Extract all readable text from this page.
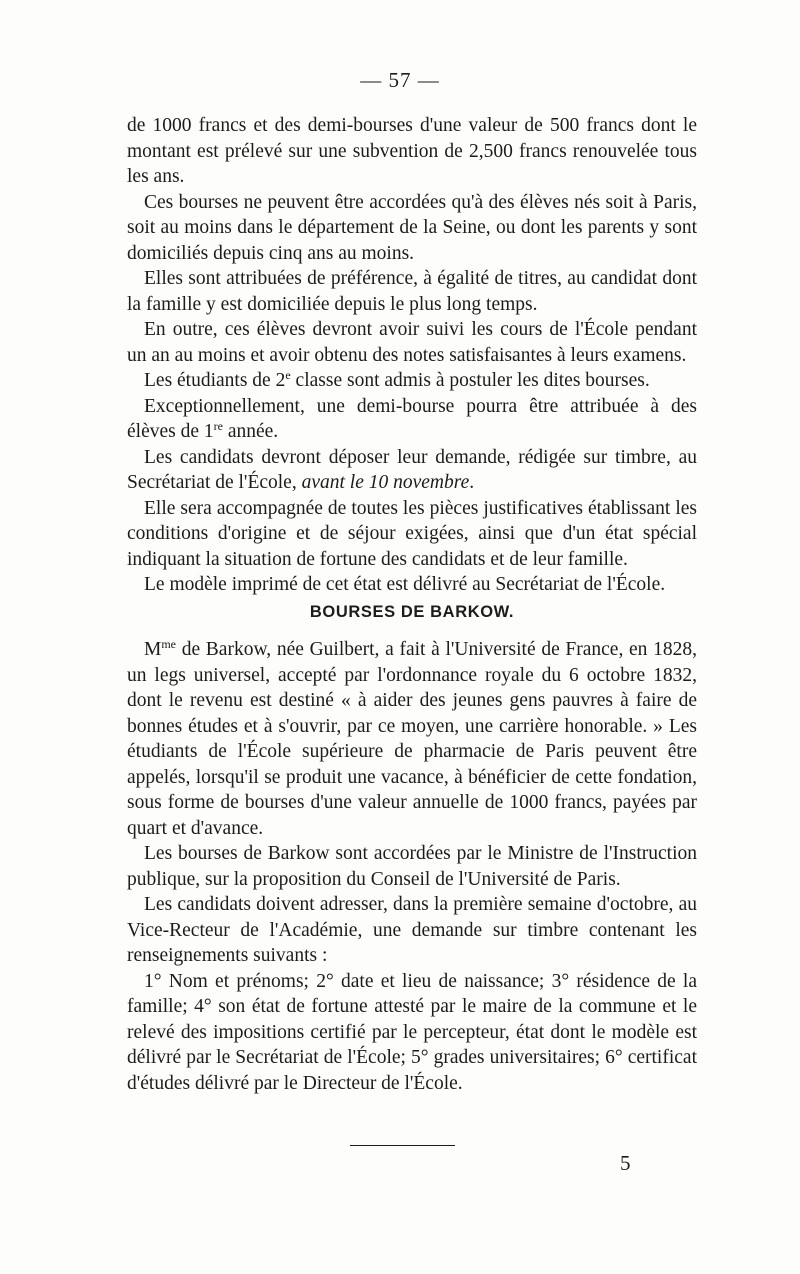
— 57 —

de 1000 francs et des demi-bourses d'une valeur de 500 francs dont le montant est prélevé sur une subvention de 2,500 francs renouvelée tous les ans.

Ces bourses ne peuvent être accordées qu'à des élèves nés soit à Paris, soit au moins dans le département de la Seine, ou dont les parents y sont domiciliés depuis cinq ans au moins.

Elles sont attribuées de préférence, à égalité de titres, au candidat dont la famille y est domiciliée depuis le plus long temps.

En outre, ces élèves devront avoir suivi les cours de l'École pendant un an au moins et avoir obtenu des notes satisfaisantes à leurs examens.

Les étudiants de 2e classe sont admis à postuler les dites bourses.

Exceptionnellement, une demi-bourse pourra être attribuée à des élèves de 1re année.

Les candidats devront déposer leur demande, rédigée sur timbre, au Secrétariat de l'École, avant le 10 novembre.

Elle sera accompagnée de toutes les pièces justificatives établissant les conditions d'origine et de séjour exigées, ainsi que d'un état spécial indiquant la situation de fortune des candidats et de leur famille.

Le modèle imprimé de cet état est délivré au Secrétariat de l'École.

BOURSES DE BARKOW.

$M^{me}$ de Barkow, née Guilbert, a fait à l'Université de France, en 1828, un legs universel, accepté par l'ordonnance royale du 6 octobre 1832, dont le revenu est destiné « à aider des jeunes gens pauvres à faire de bonnes études et à s'ouvrir, par ce moyen, une carrière honorable. » Les étudiants de l'École supérieure de pharmacie de Paris peuvent être appelés, lorsqu'il se produit une vacance, à bénéficier de cette fondation, sous forme de bourses d'une valeur annuelle de 1000 francs, payées par quart et d'avance.

Les bourses de Barkow sont accordées par le Ministre de l'Instruction publique, sur la proposition du Conseil de l'Université de Paris.

Les candidats doivent adresser, dans la première semaine d'octobre, au Vice-Recteur de l'Académie, une demande sur timbre contenant les renseignements suivants :

1° Nom et prénoms; 2° date et lieu de naissance; 3° résidence de la famille; 4° son état de fortune attesté par le maire de la commune et le relevé des impositions certifié par le percepteur, état dont le modèle est délivré par le Secrétariat de l'École; 5° grades universitaires; 6° certificat d'études délivré par le Directeur de l'École.

5
